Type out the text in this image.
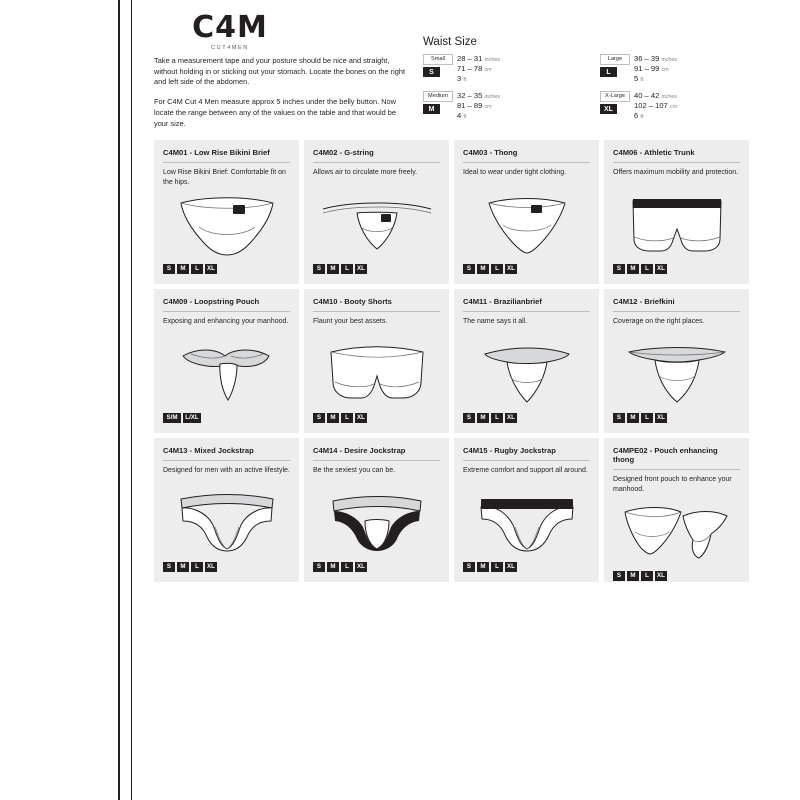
C4M
CUT4MEN

Take a measurement tape and your posture should be nice and straight, without holding in or sticking out your stomach. Locate the bones on the right and left side of the abdomen.

For C4M Cut 4 Men measure approx 5 inches under the belly button. Now locate the range between any of the values on the table and that would be your size.

Waist Size
Small
S
28 – 31 inches
71 – 78 cm
3 ft
Medium
M
32 – 35 inches
81 – 89 cm
4 ft
Large
L
36 – 39 inches
91 – 99 cm
5 ft
X-Large
XL
40 – 42 inches
102 – 107 cm
6 ft
C4M01 - Low Rise Bikini Brief
Low Rise Bikini Brief: Comfortable fit on the hips.
S	M	L	XL
C4M02 - G-string
Allows air to circulate more freely.
S	M	L	XL
C4M03 - Thong
Ideal to wear under tight clothing.
S	M	L	XL
C4M06 - Athletic Trunk
Offers maximum mobility and protection.
S	M	L	XL
C4M09 - Loopstring Pouch
Exposing and enhancing your manhood.
S/M	L/XL
C4M10 - Booty Shorts
Flaunt your best assets.
S	M	L	XL
C4M11 - Brazilianbrief
The name says it all.
S	M	L	XL
C4M12 - Briefkini
Coverage on the right places.
S	M	L	XL
C4M13 - Mixed Jockstrap
Designed for men with an active lifestyle.
S	M	L	XL
C4M14 - Desire Jockstrap
Be the sexiest you can be.
S	M	L	XL
C4M15 - Rugby Jockstrap
Extreme comfort and support all around.
S	M	L	XL
C4MPE02 - Pouch enhancing thong
Designed front pouch to enhance your manhood.
S	M	L	XL
